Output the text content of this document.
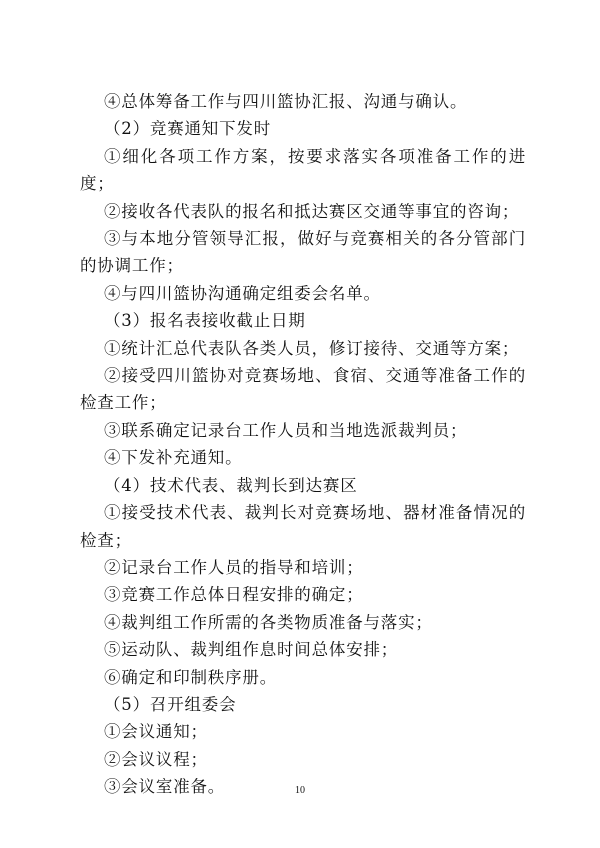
④总体筹备工作与四川篮协汇报、沟通与确认。

（2）竞赛通知下发时

①细化各项工作方案，按要求落实各项准备工作的进度；

②接收各代表队的报名和抵达赛区交通等事宜的咨询；

③与本地分管领导汇报，做好与竞赛相关的各分管部门的协调工作；

④与四川篮协沟通确定组委会名单。

（3）报名表接收截止日期

①统计汇总代表队各类人员，修订接待、交通等方案；

②接受四川篮协对竞赛场地、食宿、交通等准备工作的检查工作；

③联系确定记录台工作人员和当地选派裁判员；

④下发补充通知。

（4）技术代表、裁判长到达赛区

①接受技术代表、裁判长对竞赛场地、器材准备情况的检查；

②记录台工作人员的指导和培训；

③竞赛工作总体日程安排的确定；

④裁判组工作所需的各类物质准备与落实；

⑤运动队、裁判组作息时间总体安排；

⑥确定和印制秩序册。

（5）召开组委会

①会议通知；

②会议议程；

③会议室准备。	10
